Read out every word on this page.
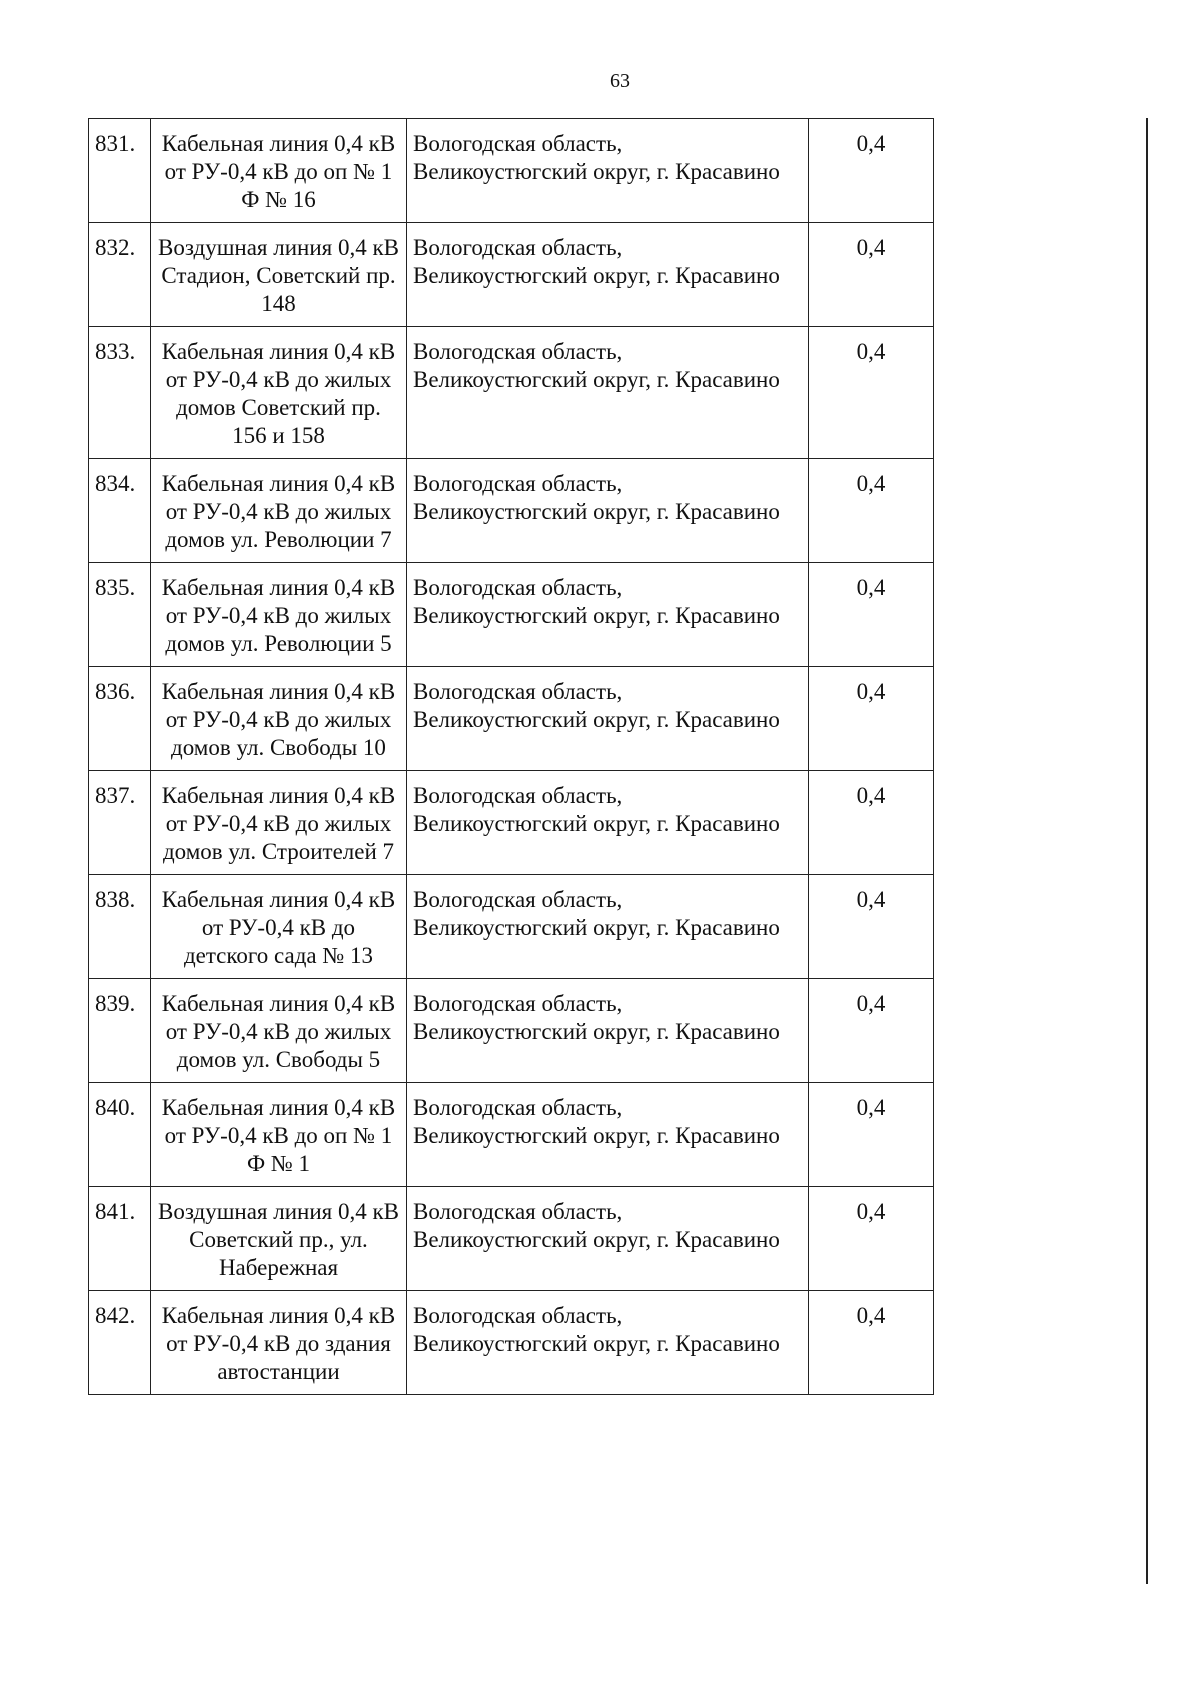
63
831.	Кабельная линия 0,4 кВ от РУ-0,4 кВ до оп № 1 Ф № 16	Вологодская область, Великоустюгский округ, г. Красавино	0,4
832.	Воздушная линия 0,4 кВ Стадион, Советский пр. 148	Вологодская область, Великоустюгский округ, г. Красавино	0,4
833.	Кабельная линия 0,4 кВ от РУ-0,4 кВ до жилых домов Советский пр. 156 и 158	Вологодская область, Великоустюгский округ, г. Красавино	0,4
834.	Кабельная линия 0,4 кВ от РУ-0,4 кВ до жилых домов ул. Революции 7	Вологодская область, Великоустюгский округ, г. Красавино	0,4
835.	Кабельная линия 0,4 кВ от РУ-0,4 кВ до жилых домов ул. Революции 5	Вологодская область, Великоустюгский округ, г. Красавино	0,4
836.	Кабельная линия 0,4 кВ от РУ-0,4 кВ до жилых домов ул. Свободы 10	Вологодская область, Великоустюгский округ, г. Красавино	0,4
837.	Кабельная линия 0,4 кВ от РУ-0,4 кВ до жилых домов ул. Строителей 7	Вологодская область, Великоустюгский округ, г. Красавино	0,4
838.	Кабельная линия 0,4 кВ от РУ-0,4 кВ до детского сада № 13	Вологодская область, Великоустюгский округ, г. Красавино	0,4
839.	Кабельная линия 0,4 кВ от РУ-0,4 кВ до жилых домов ул. Свободы 5	Вологодская область, Великоустюгский округ, г. Красавино	0,4
840.	Кабельная линия 0,4 кВ от РУ-0,4 кВ до оп № 1 Ф № 1	Вологодская область, Великоустюгский округ, г. Красавино	0,4
841.	Воздушная линия 0,4 кВ Советский пр., ул. Набережная	Вологодская область, Великоустюгский округ, г. Красавино	0,4
842.	Кабельная линия 0,4 кВ от РУ-0,4 кВ до здания автостанции	Вологодская область, Великоустюгский округ, г. Красавино	0,4
